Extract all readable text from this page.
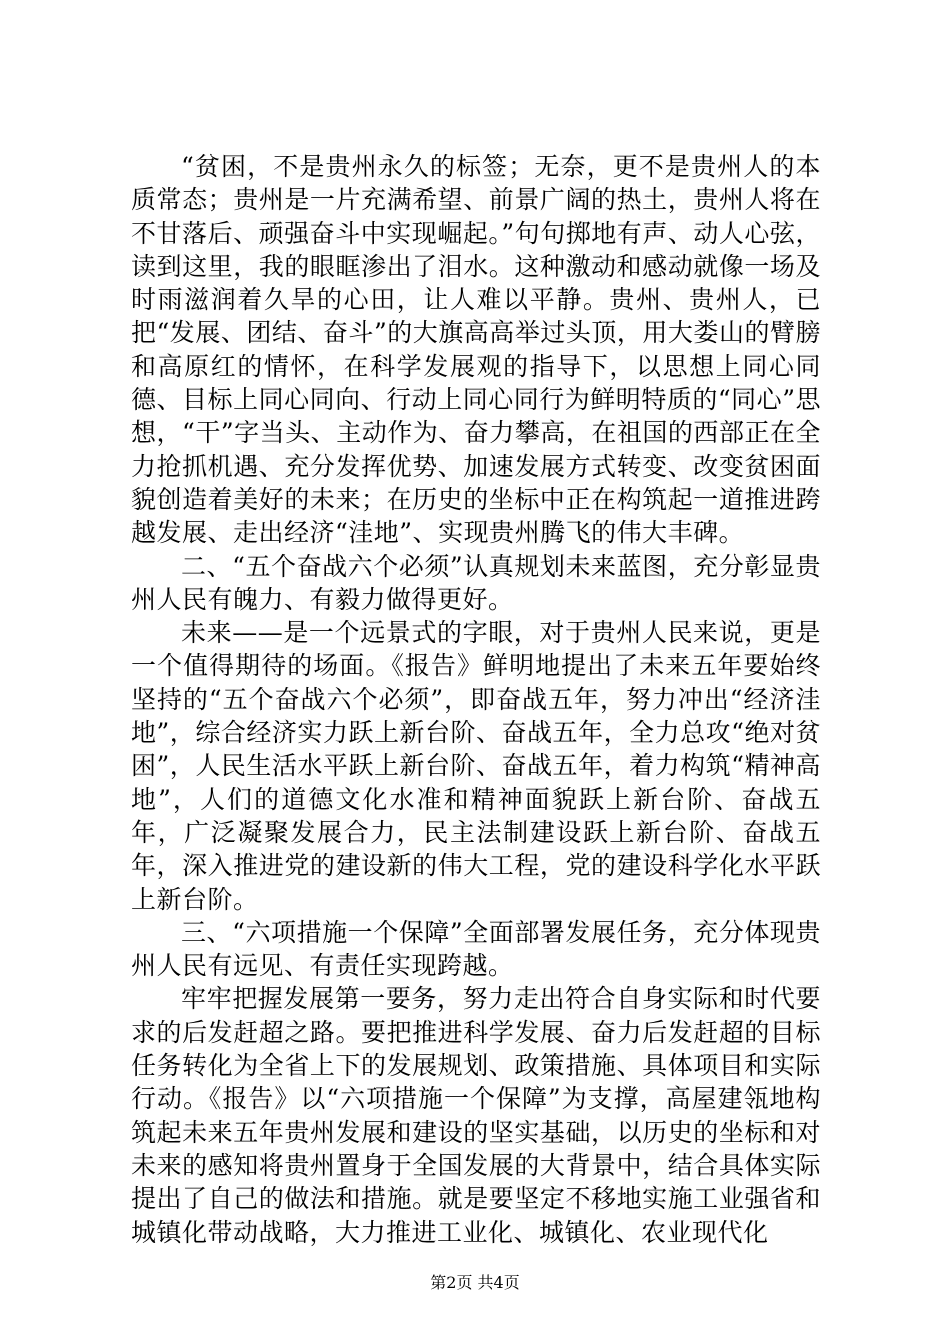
“贫困，不是贵州永久的标签；无奈，更不是贵州人的本质常态；贵州是一片充满希望、前景广阔的热土，贵州人将在不甘落后、顽强奋斗中实现崛起。”句句掷地有声、动人心弦，读到这里，我的眼眶渗出了泪水。这种激动和感动就像一场及时雨滋润着久旱的心田，让人难以平静。贵州、贵州人，已把“发展、团结、奋斗”的大旗高高举过头顶，用大娄山的臂膀和高原红的情怀，在科学发展观的指导下，以思想上同心同德、目标上同心同向、行动上同心同行为鲜明特质的“同心”思想，“干”字当头、主动作为、奋力攀高，在祖国的西部正在全力抢抓机遇、充分发挥优势、加速发展方式转变、改变贫困面貌创造着美好的未来；在历史的坐标中正在构筑起一道推进跨越发展、走出经济“洼地”、实现贵州腾飞的伟大丰碑。

二、“五个奋战六个必须”认真规划未来蓝图，充分彰显贵州人民有魄力、有毅力做得更好。

未来——是一个远景式的字眼，对于贵州人民来说，更是一个值得期待的场面。《报告》鲜明地提出了未来五年要始终坚持的“五个奋战六个必须”，即奋战五年，努力冲出“经济洼地”，综合经济实力跃上新台阶、奋战五年，全力总攻“绝对贫困”，人民生活水平跃上新台阶、奋战五年，着力构筑“精神高地”，人们的道德文化水准和精神面貌跃上新台阶、奋战五年，广泛凝聚发展合力，民主法制建设跃上新台阶、奋战五年，深入推进党的建设新的伟大工程，党的建设科学化水平跃上新台阶。

三、“六项措施一个保障”全面部署发展任务，充分体现贵州人民有远见、有责任实现跨越。

牢牢把握发展第一要务，努力走出符合自身实际和时代要求的后发赶超之路。要把推进科学发展、奋力后发赶超的目标任务转化为全省上下的发展规划、政策措施、具体项目和实际行动。《报告》以“六项措施一个保障”为支撑，高屋建瓴地构筑起未来五年贵州发展和建设的坚实基础，以历史的坐标和对未来的感知将贵州置身于全国发展的大背景中，结合具体实际提出了自己的做法和措施。就是要坚定不移地实施工业强省和城镇化带动战略，大力推进工业化、城镇化、农业现代化

第2页 共4页
